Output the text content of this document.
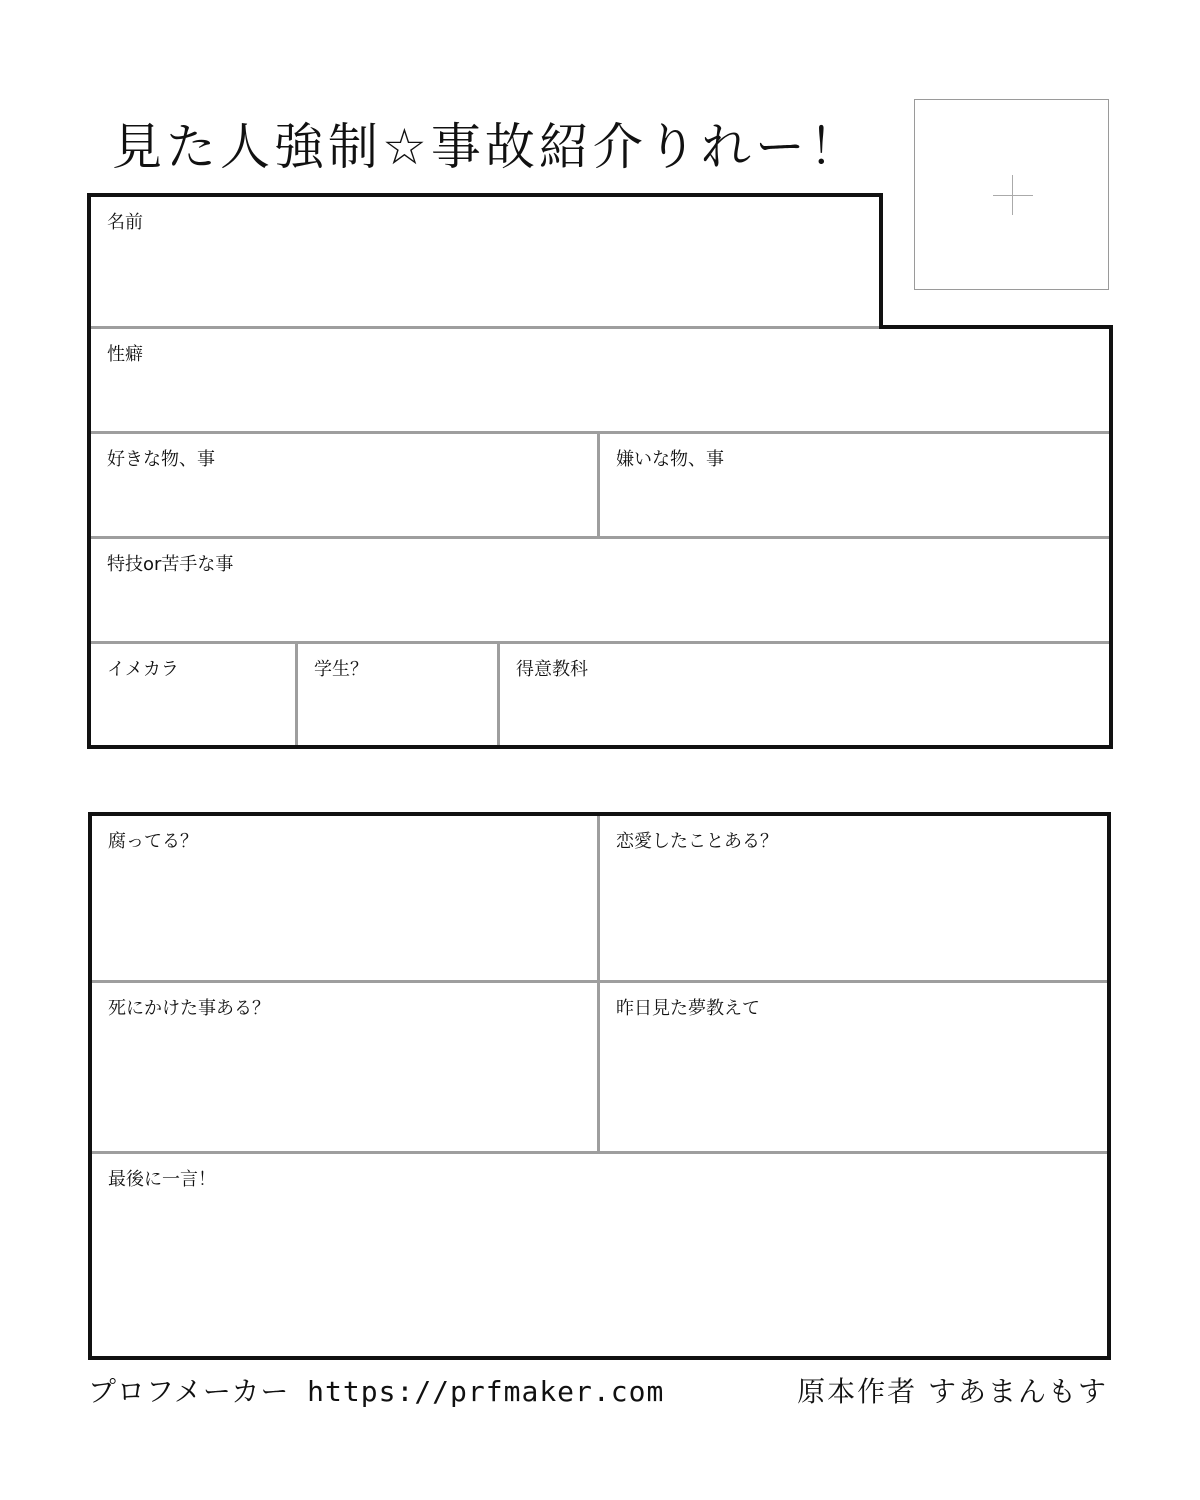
見た人強制☆事故紹介りれー！
名前
性癖
好きな物、事	嫌いな物、事
特技or苦手な事
イメカラ	学生？	得意教科
腐ってる？	恋愛したことある？
死にかけた事ある？	昨日見た夢教えて
最後に一言！
プロフメーカー https://prfmaker.com	原本作者 すあまんもす
